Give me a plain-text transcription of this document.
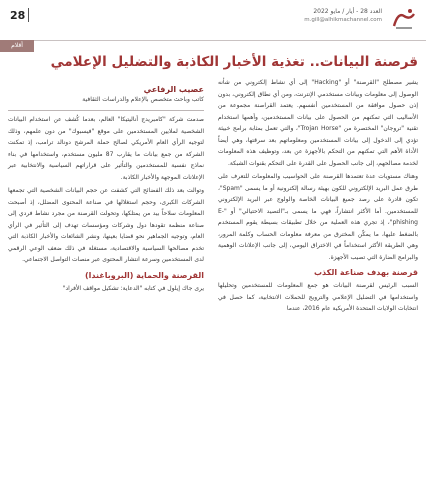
العدد 28 - أيار / مايو 2022
m.gill@alhikmachannel.com
28
أقلام
قرصنة البيانات.. تغذية الأخبار الكاذبة والتضليل الإعلامي

يشير مصطلح "القرصنة" أو "Hacking" إلى أي نشاط إلكتروني من شأنه الوصول إلى معلومات وبيانات مستخدمي الإنترنت، ومن أي نطاق إلكتروني، بدون إذن حصول موافقة من المستخدمين أنفسهم. يعتمد القراصنة مجموعة من الأساليب التي تمكنهم من الحصول على بيانات المستخدمين، وأهمها استخدام تقنية "تروجان" المختصرة من "Trojan Horse"، والتي تعمل بمثابة برامج خبيثة تؤدي إلى الدخول إلى بيانات المستخدمين ومعلوماتهم بعد سرقتها، وهي أيضاً الأداة الأهم التي تمكنهم من التحكم بالأجهزة عن بعد، وتوظيف هذه المعلومات لخدمة مصالحهم، إلى جانب الحصول على القدرة على التحكم بقنوات الشبكة.

وهناك مستويات عدة تعتمدها القرصنة على الحواسيب والمعلومات للتعرف على طرق عمل البريد الإلكتروني للكون بهيئة رسالة إلكترونية أو ما يسمى "Spam"، تكون قادرة على رصد جميع البيانات الخاصة والولوج عبر البريد الإلكتروني للمستخدمين. أما الأكثر انتشاراً، فهي ما يسمى بـ"التصيد الاحتيالي" أو "E-phishing"، إذ تجري هذه العملية من خلال تطبيقات بسيطة يقوم المستخدم بالضغط عليها، ما يمكّن المخترق من معرفة معلومات الحساب وكلمة المرور، وهي الطريقة الأكثر استخداماً في الاختراق اليومي، إلى جانب الإعلانات الوهمية والبرامج الضارة التي تصيب الأجهزة.

قرصنة بهدف صناعة الكذب

السبب الرئيس لقرصنة البيانات هو جمع المعلومات للمستخدمين وتحليلها واستخدامها في التضليل الإعلامي والترويج للحملات الانتخابية، كما حصل في انتخابات الولايات المتحدة الأمريكية عام 2016، عندما

عصيب الرفاعي
كاتب وباحث متخصص بالإعلام والدراسات الثقافية

صدمت شركة "كامبريدج أناليتيكا" العالم، بعدما كُشف عن استخدام البيانات الشخصية لملايين المستخدمين على موقع "فيسبوك" من دون علمهم، وذلك لتوجيه الرأي العام الأمريكي لصالح حملة المرشح دونالد ترامب، إذ تمكنت الشركة من جمع بيانات ما يقارب 87 مليون مستخدم، واستخدامها في بناء نماذج نفسية للمستخدمين والتأثير على قراراتهم السياسية والانتخابية عبر الإعلانات الموجهة والأخبار الكاذبة.

وتوالت بعد ذلك الفضائح التي كشفت عن حجم البيانات الشخصية التي تجمعها الشركات الكبرى، وحجم استغلالها في صناعة المحتوى المضلل، إذ أصبحت المعلومات سلاحاً بيد من يمتلكها، وتحولت القرصنة من مجرد نشاط فردي إلى صناعة منظمة تقودها دول وشركات ومؤسسات تهدف إلى التأثير في الرأي العام، وتوجيه الجماهير نحو قضايا بعينها، ونشر الشائعات والأخبار الكاذبة التي تخدم مصالحها السياسية والاقتصادية، مستغلة في ذلك ضعف الوعي الرقمي لدى المستخدمين وسرعة انتشار المحتوى عبر منصات التواصل الاجتماعي.

القرصنة والحماية (البروباغندا)

يرى جاك إيلول في كتابه "الدعاية: تشكيل مواقف الأفراد"
